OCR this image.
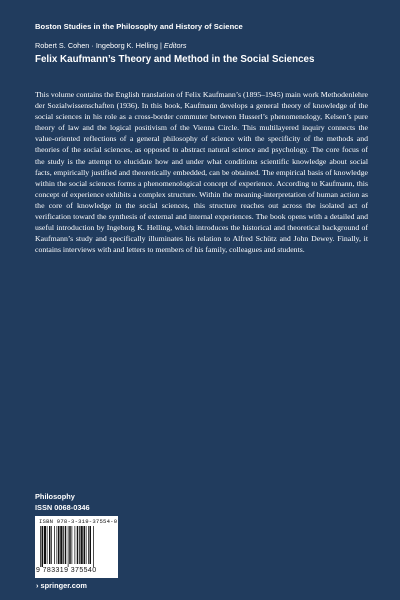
Boston Studies in the Philosophy and History of Science
Robert S. Cohen · Ingeborg K. Helling | Editors
Felix Kaufmann’s Theory and Method in the Social Sciences

This volume contains the English translation of Felix Kaufmann’s (1895–1945) main work Methodenlehre der Sozialwissenschaften (1936). In this book, Kaufmann develops a general theory of knowledge of the social sciences in his role as a cross-border commuter between Husserl’s phenomenology, Kelsen’s pure theory of law and the logical positivism of the Vienna Circle. This multilayered inquiry connects the value-oriented reflections of a general philosophy of science with the specificity of the methods and theories of the social sciences, as opposed to abstract natural science and psychology. The core focus of the study is the attempt to elucidate how and under what conditions scientific knowledge about social facts, empirically justified and theoretically embedded, can be obtained. The empirical basis of knowledge within the social sciences forms a phenomenological concept of experience. According to Kaufmann, this concept of experience exhibits a complex structure. Within the meaning-interpretation of human action as the core of knowledge in the social sciences, this structure reaches out across the isolated act of verification toward the synthesis of external and internal experiences. The book opens with a detailed and useful introduction by Ingeborg K. Helling, which introduces the historical and theoretical background of Kaufmann’s study and specifically illuminates his relation to Alfred Schütz and John Dewey. Finally, it contains interviews with and letters to members of his family, colleagues and students.

Philosophy
ISSN 0068-0346
ISBN 978-3-319-37554-0
9 783319 375540
› springer.com
